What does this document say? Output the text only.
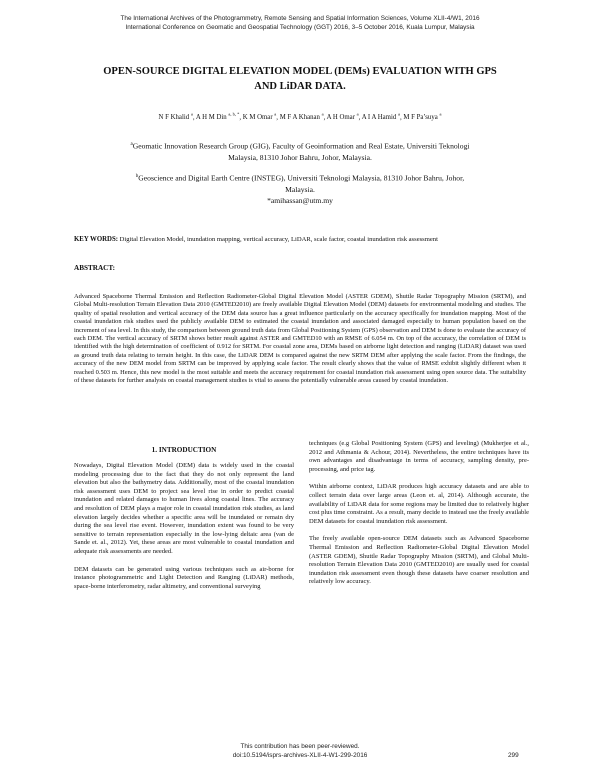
The International Archives of the Photogrammetry, Remote Sensing and Spatial Information Sciences, Volume XLII-4/W1, 2016
International Conference on Geomatic and Geospatial Technology (GGT) 2016, 3–5 October 2016, Kuala Lumpur, Malaysia
OPEN-SOURCE DIGITAL ELEVATION MODEL (DEMs) EVALUATION WITH GPS
AND LiDAR DATA.
N F Khalid $^a$, A H M Din $^{a, b, *}$, K M Omar $^a$, M F A Khanan $^a$, A H Omar $^a$, A I A Hamid $^a$, M F Pa’suya $^a$
$^a$Geomatic Innovation Research Group (GIG), Faculty of Geoinformation and Real Estate, Universiti Teknologi Malaysia, 81310 Johor Bahru, Johor, Malaysia.
$^b$Geoscience and Digital Earth Centre (INSTEG), Universiti Teknologi Malaysia, 81310 Johor Bahru, Johor, Malaysia.
*amihassan@utm.my
KEY WORDS: Digital Elevation Model, inundation mapping, vertical accuracy, LiDAR, scale factor, coastal inundation risk assessment
ABSTRACT:
Advanced Spaceborne Thermal Emission and Reflection Radiometer-Global Digital Elevation Model (ASTER GDEM), Shuttle Radar Topography Mission (SRTM), and Global Multi-resolution Terrain Elevation Data 2010 (GMTED2010) are freely available Digital Elevation Model (DEM) datasets for environmental modeling and studies. The quality of spatial resolution and vertical accuracy of the DEM data source has a great influence particularly on the accuracy specifically for inundation mapping. Most of the coastal inundation risk studies used the publicly available DEM to estimated the coastal inundation and associated damaged especially to human population based on the increment of sea level. In this study, the comparison between ground truth data from Global Positioning System (GPS) observation and DEM is done to evaluate the accuracy of each DEM. The vertical accuracy of SRTM shows better result against ASTER and GMTED10 with an RMSE of 6.054 m. On top of the accuracy, the correlation of DEM is identified with the high determination of coefficient of 0.912 for SRTM. For coastal zone area, DEMs based on airborne light detection and ranging (LiDAR) dataset was used as ground truth data relating to terrain height. In this case, the LiDAR DEM is compared against the new SRTM DEM after applying the scale factor. From the findings, the accuracy of the new DEM model from SRTM can be improved by applying scale factor. The result clearly shows that the value of RMSE exhibit slightly different when it reached 0.503 m. Hence, this new model is the most suitable and meets the accuracy requirement for coastal inundation risk assessment using open source data. The suitability of these datasets for further analysis on coastal management studies is vital to assess the potentially vulnerable areas caused by coastal inundation.
1. INTRODUCTION

Nowadays, Digital Elevation Model (DEM) data is widely used in the coastal modeling processing due to the fact that they do not only represent the land elevation but also the bathymetry data. Additionally, most of the coastal inundation risk assessment uses DEM to project sea level rise in order to predict coastal inundation and related damages to human lives along coastal lines. The accuracy and resolution of DEM plays a major role in coastal inundation risk studies, as land elevation largely decides whether a specific area will be inundated or remain dry during the sea level rise event. However, inundation extent was found to be very sensitive to terrain representation especially in the low-lying deltaic area (van de Sande et. al., 2012). Yet, these areas are most vulnerable to coastal inundation and adequate risk assessments are needed.

DEM datasets can be generated using various techniques such as air-borne for instance photogrammetric and Light Detection and Ranging (LiDAR) methods, space-borne interferometry, radar altimetry, and conventional surveying

techniques (e.g Global Positioning System (GPS) and leveling) (Mukherjee et al., 2012 and Athmania & Achour, 2014). Nevertheless, the entire techniques have its own advantages and disadvantage in terms of accuracy, sampling density, pre-processing, and price tag.

Within airborne context, LiDAR produces high accuracy datasets and are able to collect terrain data over large areas (Leon et. al, 2014). Although accurate, the availability of LiDAR data for some regions may be limited due to relatively higher cost plus time constraint. As a result, many decide to instead use the freely available DEM datasets for coastal inundation risk assessment.

The freely available open-source DEM datasets such as Advanced Spaceborne Thermal Emission and Reflection Radiometer-Global Digital Elevation Model (ASTER GDEM), Shuttle Radar Topography Mission (SRTM), and Global Multi-resolution Terrain Elevation Data 2010 (GMTED2010) are usually used for coastal inundation risk assessment even though these datasets have coarser resolution and relatively low accuracy.

This contribution has been peer-reviewed.
doi:10.5194/isprs-archives-XLII-4-W1-299-2016	299
